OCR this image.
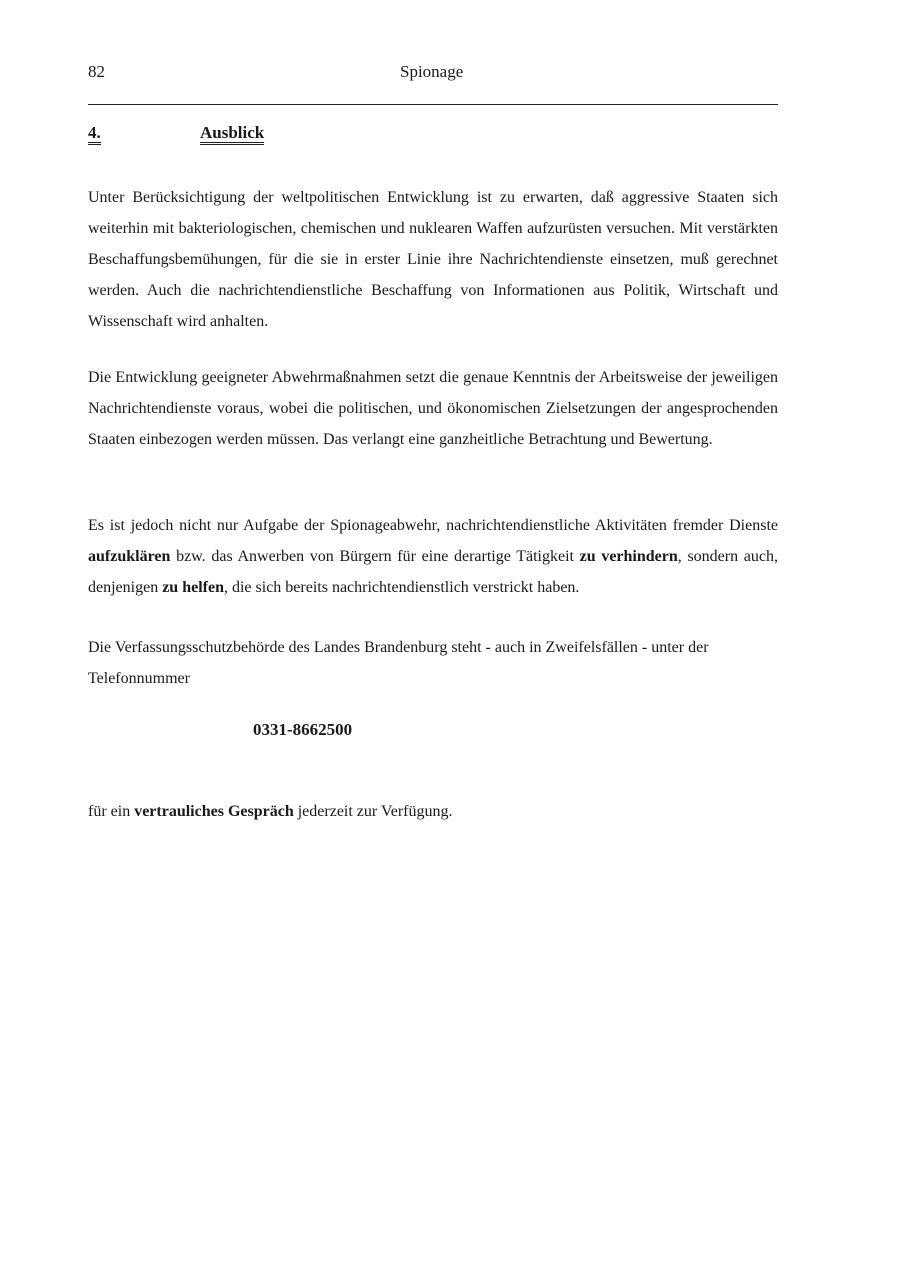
82	Spionage
4.	Ausblick

Unter Berücksichtigung der weltpolitischen Entwicklung ist zu erwarten, daß aggressive Staaten sich weiterhin mit bakteriologischen, chemischen und nuklearen Waffen aufzurüsten versuchen. Mit verstärkten Beschaffungsbemühungen, für die sie in erster Linie ihre Nachrichtendienste einsetzen, muß gerechnet werden. Auch die nachrichtendienstliche Beschaffung von Informationen aus Politik, Wirtschaft und Wissenschaft wird anhalten.

Die Entwicklung geeigneter Abwehrmaßnahmen setzt die genaue Kenntnis der Arbeitsweise der jeweiligen Nachrichtendienste voraus, wobei die politischen, und ökonomischen Zielsetzungen der angesprochenden Staaten einbezogen werden müssen. Das verlangt eine ganzheitliche Betrachtung und Bewertung.

Es ist jedoch nicht nur Aufgabe der Spionageabwehr, nachrichtendienstliche Aktivitäten fremder Dienste aufzuklären bzw. das Anwerben von Bürgern für eine derartige Tätigkeit zu verhindern, sondern auch, denjenigen zu helfen, die sich bereits nachrichtendienstlich verstrickt haben.

Die Verfassungsschutzbehörde des Landes Brandenburg steht - auch in Zweifelsfällen - unter der Telefonnummer

0331-8662500

für ein vertrauliches Gespräch jederzeit zur Verfügung.
